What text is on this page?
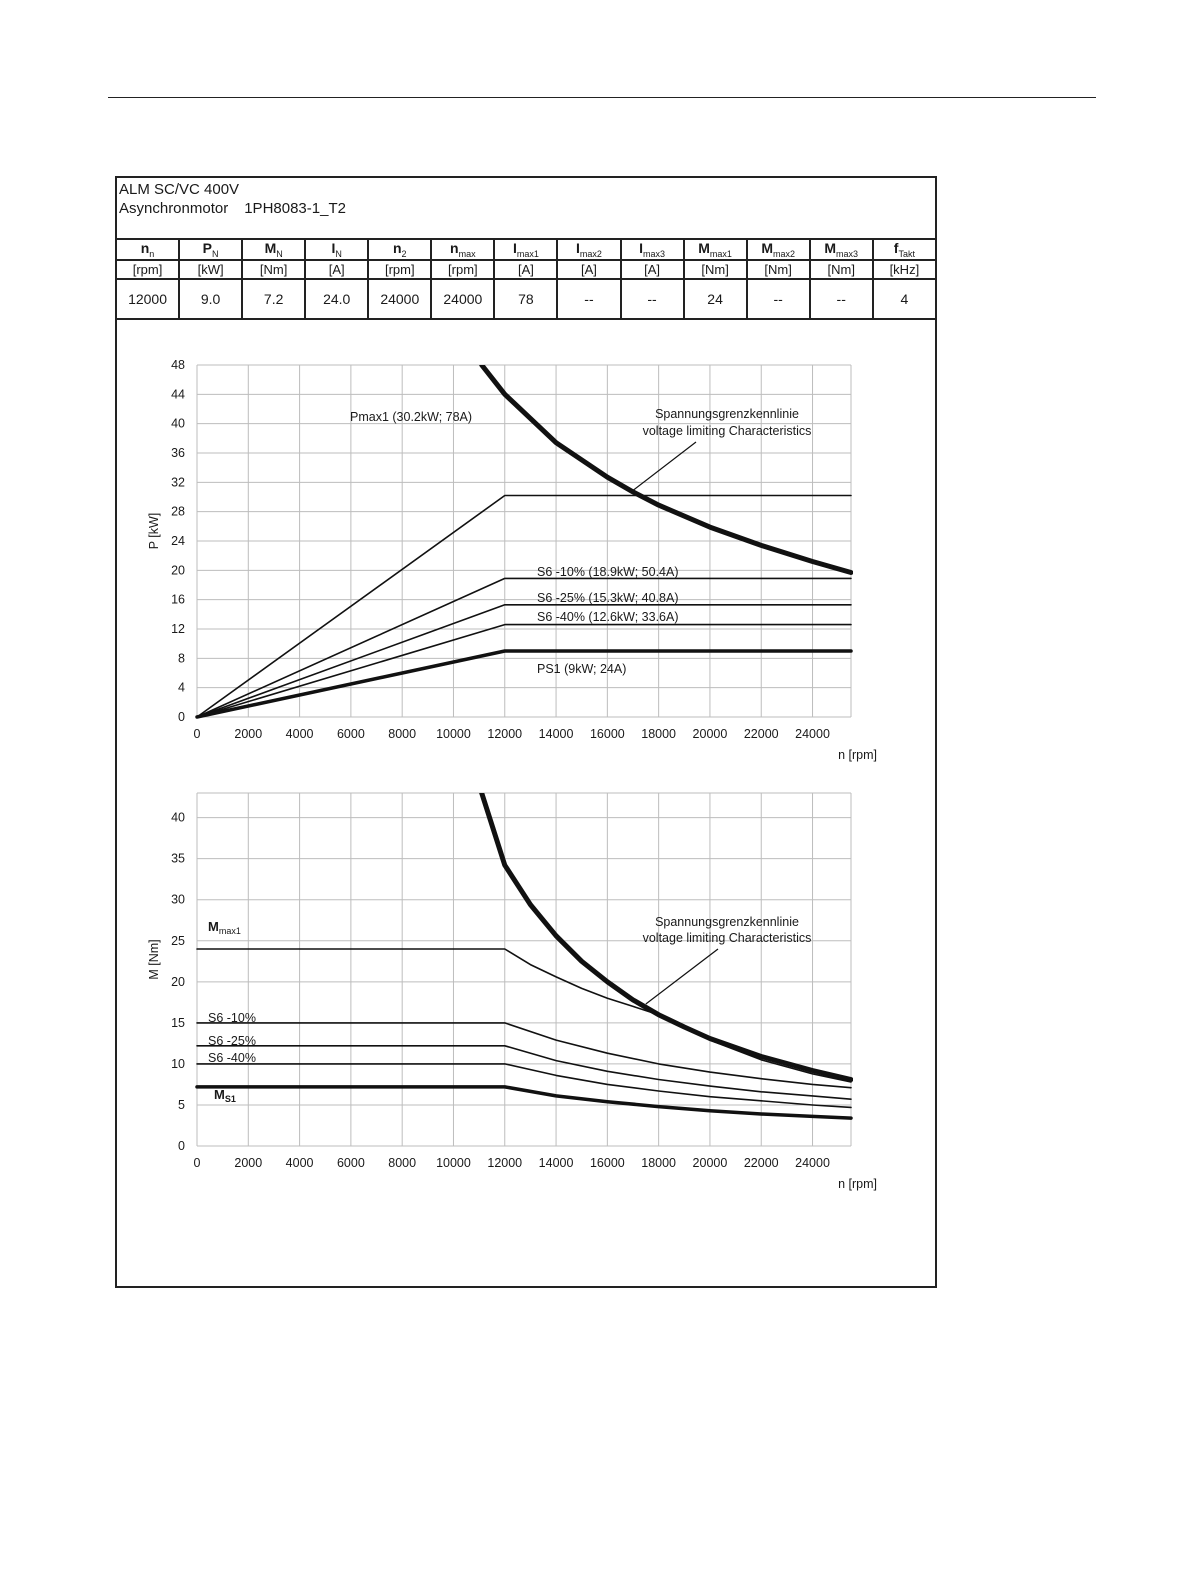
ALM SC/VC 400V
Asynchronmotor 1PH8083-1_T2
$n_n$	$P_N$	$M_N$	$I_N$	$n_2$	$n_{max}$	$I_{max1}$	$I_{max2}$	$I_{max3}$	$M_{max1}$	$M_{max2}$	$M_{max3}$	$f_{Takt}$
[rpm]	[kW]	[Nm]	[A]	[rpm]	[rpm]	[A]	[A]	[A]	[Nm]	[Nm]	[Nm]	[kHz]
12000	9.0	7.2	24.0	24000	24000	78	--	--	24	--	--	4
0	2000 4000 6000 8000 10000 12000 14000 16000 18000 20000 22000 24000
0
4
8
12
16
20
24
28
32
36
40
44
48
n [rpm]
P [kW]
Spannungsgrenzkennlinie
voltage limiting Characteristics
Pmax1 (30.2kW; 78A)
S6 -10% (18.9kW; 50.4A)
S6 -25% (15.3kW; 40.8A)
S6 -40% (12.6kW; 33.6A)
PS1 (9kW; 24A)
0	2000 4000 6000 8000 10000 12000 14000 16000 18000 20000 22000 24000
0
5
10
15
20
25
30
35
40
n [rpm]
M [Nm]
Spannungsgrenzkennlinie
voltage limiting Characteristics
$M_{max1}$
S6 -10%
S6 -25%
S6 -40%
$M_{S1}$
